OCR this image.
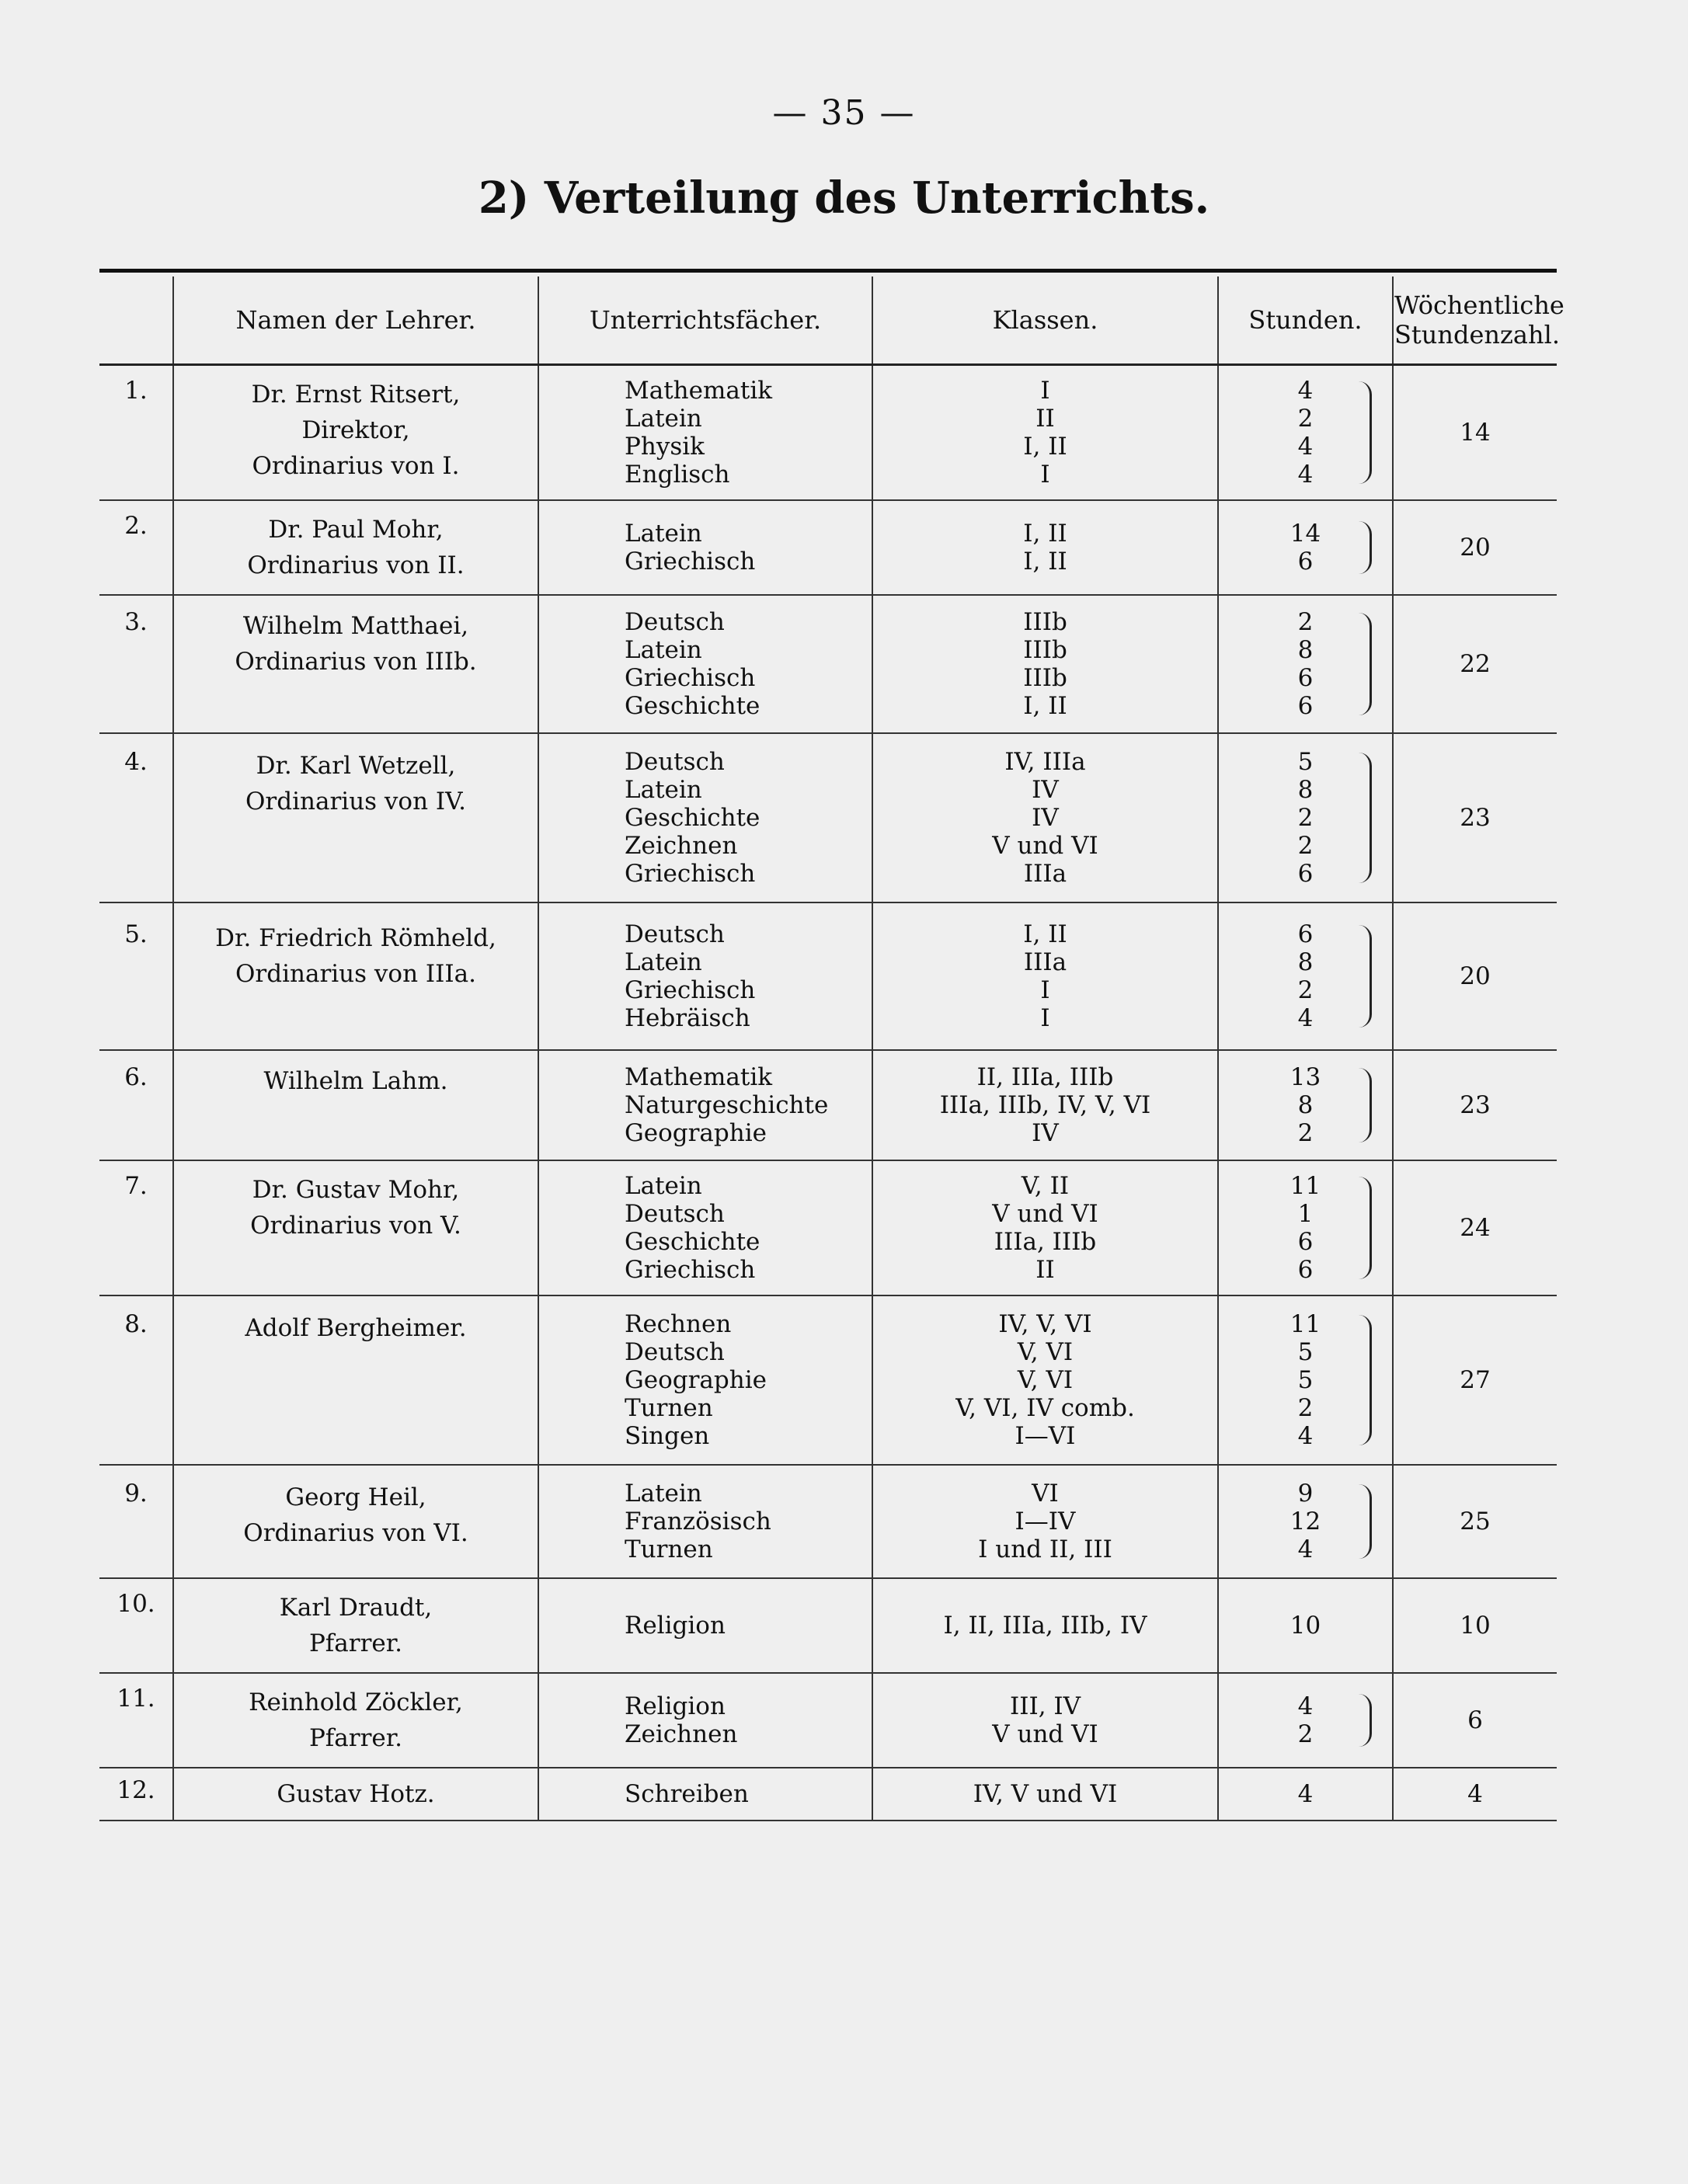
— 35 —
2) Verteilung des Unterrichts.
	Namen der Lehrer.	Unterrichtsfächer.	Klassen.	Stunden.	Wöchentliche
Stundenzahl.

1.	Dr. Ernst Ritsert,
Direktor,
Ordinarius von I.	Mathematik
Latein
Physik
Englisch	I
II
I, II
I	4
2
4
4	14
2.	Dr. Paul Mohr,
Ordinarius von II.	Latein
Griechisch	I, II
I, II	14
6	20
3.	Wilhelm Matthaei,
Ordinarius von IIIb.	Deutsch
Latein
Griechisch
Geschichte	IIIb
IIIb
IIIb
I, II	2
8
6
6	22
4.	Dr. Karl Wetzell,
Ordinarius von IV.	Deutsch
Latein
Geschichte
Zeichnen
Griechisch	IV, IIIa
IV
IV
V und VI
IIIa	5
8
2
2
6	23
5.	Dr. Friedrich Römheld,
Ordinarius von IIIa.	Deutsch
Latein
Griechisch
Hebräisch	I, II
IIIa
I
I	6
8
2
4	20
6.	Wilhelm Lahm.	Mathematik
Naturgeschichte
Geographie	II, IIIa, IIIb
IIIa, IIIb, IV, V, VI
IV	13
8
2	23
7.	Dr. Gustav Mohr,
Ordinarius von V.	Latein
Deutsch
Geschichte
Griechisch	V, II
V und VI
IIIa, IIIb
II	11
1
6
6	24
8.	Adolf Bergheimer.	Rechnen
Deutsch
Geographie
Turnen
Singen	IV, V, VI
V, VI
V, VI
V, VI, IV comb.
I—VI	11
5
5
2
4	27
9.	Georg Heil,
Ordinarius von VI.	Latein
Französisch
Turnen	VI
I—IV
I und II, III	9
12
4	25
10.	Karl Draudt,
Pfarrer.	Religion	I, II, IIIa, IIIb, IV	10	10
11.	Reinhold Zöckler,
Pfarrer.	Religion
Zeichnen	III, IV
V und VI	4
2	6
12.	Gustav Hotz.	Schreiben	IV, V und VI	4	4
